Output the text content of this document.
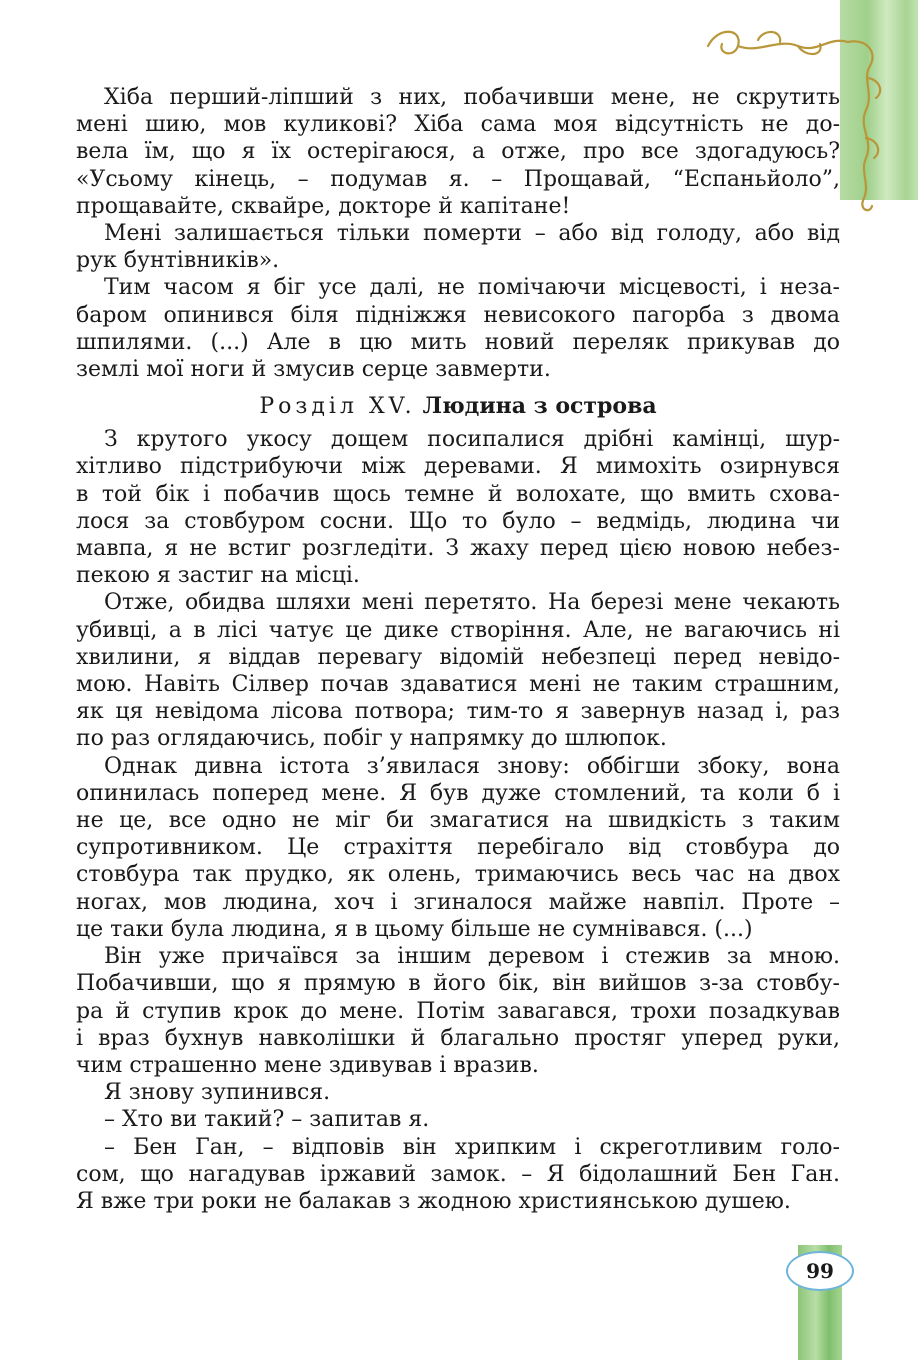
99

Хіба перший-ліпший з них, побачивши мене, не скрутить
мені шию, мов куликові? Хіба сама моя відсутність не до-
вела їм, що я їх остерігаюся, а отже, про все здогадуюсь?
«Усьому кінець, – подумав я. – Прощавай, “Еспаньйоло”,
прощавайте, сквайре, докторе й капітане!

Мені залишається тільки померти – або від голоду, або від
рук бунтівників».

Тим часом я біг усе далі, не помічаючи місцевості, і неза-
баром опинився біля підніжжя невисокого пагорба з двома
шпилями. (...) Але в цю мить новий переляк прикував до
землі мої ноги й змусив серце завмерти.

Розділ XV. Людина з острова

З крутого укосу дощем посипалися дрібні камінці, шур-
хітливо підстрибуючи між деревами. Я мимохіть озирнувся
в той бік і побачив щось темне й волохате, що вмить схова-
лося за стовбуром сосни. Що то було – ведмідь, людина чи
мавпа, я не встиг розгледіти. З жаху перед цією новою небез-
пекою я застиг на місці.

Отже, обидва шляхи мені перетято. На березі мене чекають
убивці, а в лісі чатує це дике створіння. Але, не вагаючись ні
хвилини, я віддав перевагу відомій небезпеці перед невідо-
мою. Навіть Сілвер почав здаватися мені не таким страшним,
як ця невідома лісова потвора; тим-то я завернув назад і, раз
по раз оглядаючись, побіг у напрямку до шлюпок.

Однак дивна істота з’явилася знову: оббігши збоку, вона
опинилась поперед мене. Я був дуже стомлений, та коли б і
не це, все одно не міг би змагатися на швидкість з таким
супротивником. Це страхіття перебігало від стовбура до
стовбура так прудко, як олень, тримаючись весь час на двох
ногах, мов людина, хоч і згиналося майже навпіл. Проте –
це таки була людина, я в цьому більше не сумнівався. (...)

Він уже причаївся за іншим деревом і стежив за мною.
Побачивши, що я прямую в його бік, він вийшов з-за стовбу-
ра й ступив крок до мене. Потім завагався, трохи позадкував
і враз бухнув навколішки й благально простяг уперед руки,
чим страшенно мене здивував і вразив.

Я знову зупинився.

– Хто ви такий? – запитав я.

– Бен Ган, – відповів він хрипким і скреготливим голо-
сом, що нагадував іржавий замок. – Я бідолашний Бен Ган.
Я вже три роки не балакав з жодною християнською душею.
